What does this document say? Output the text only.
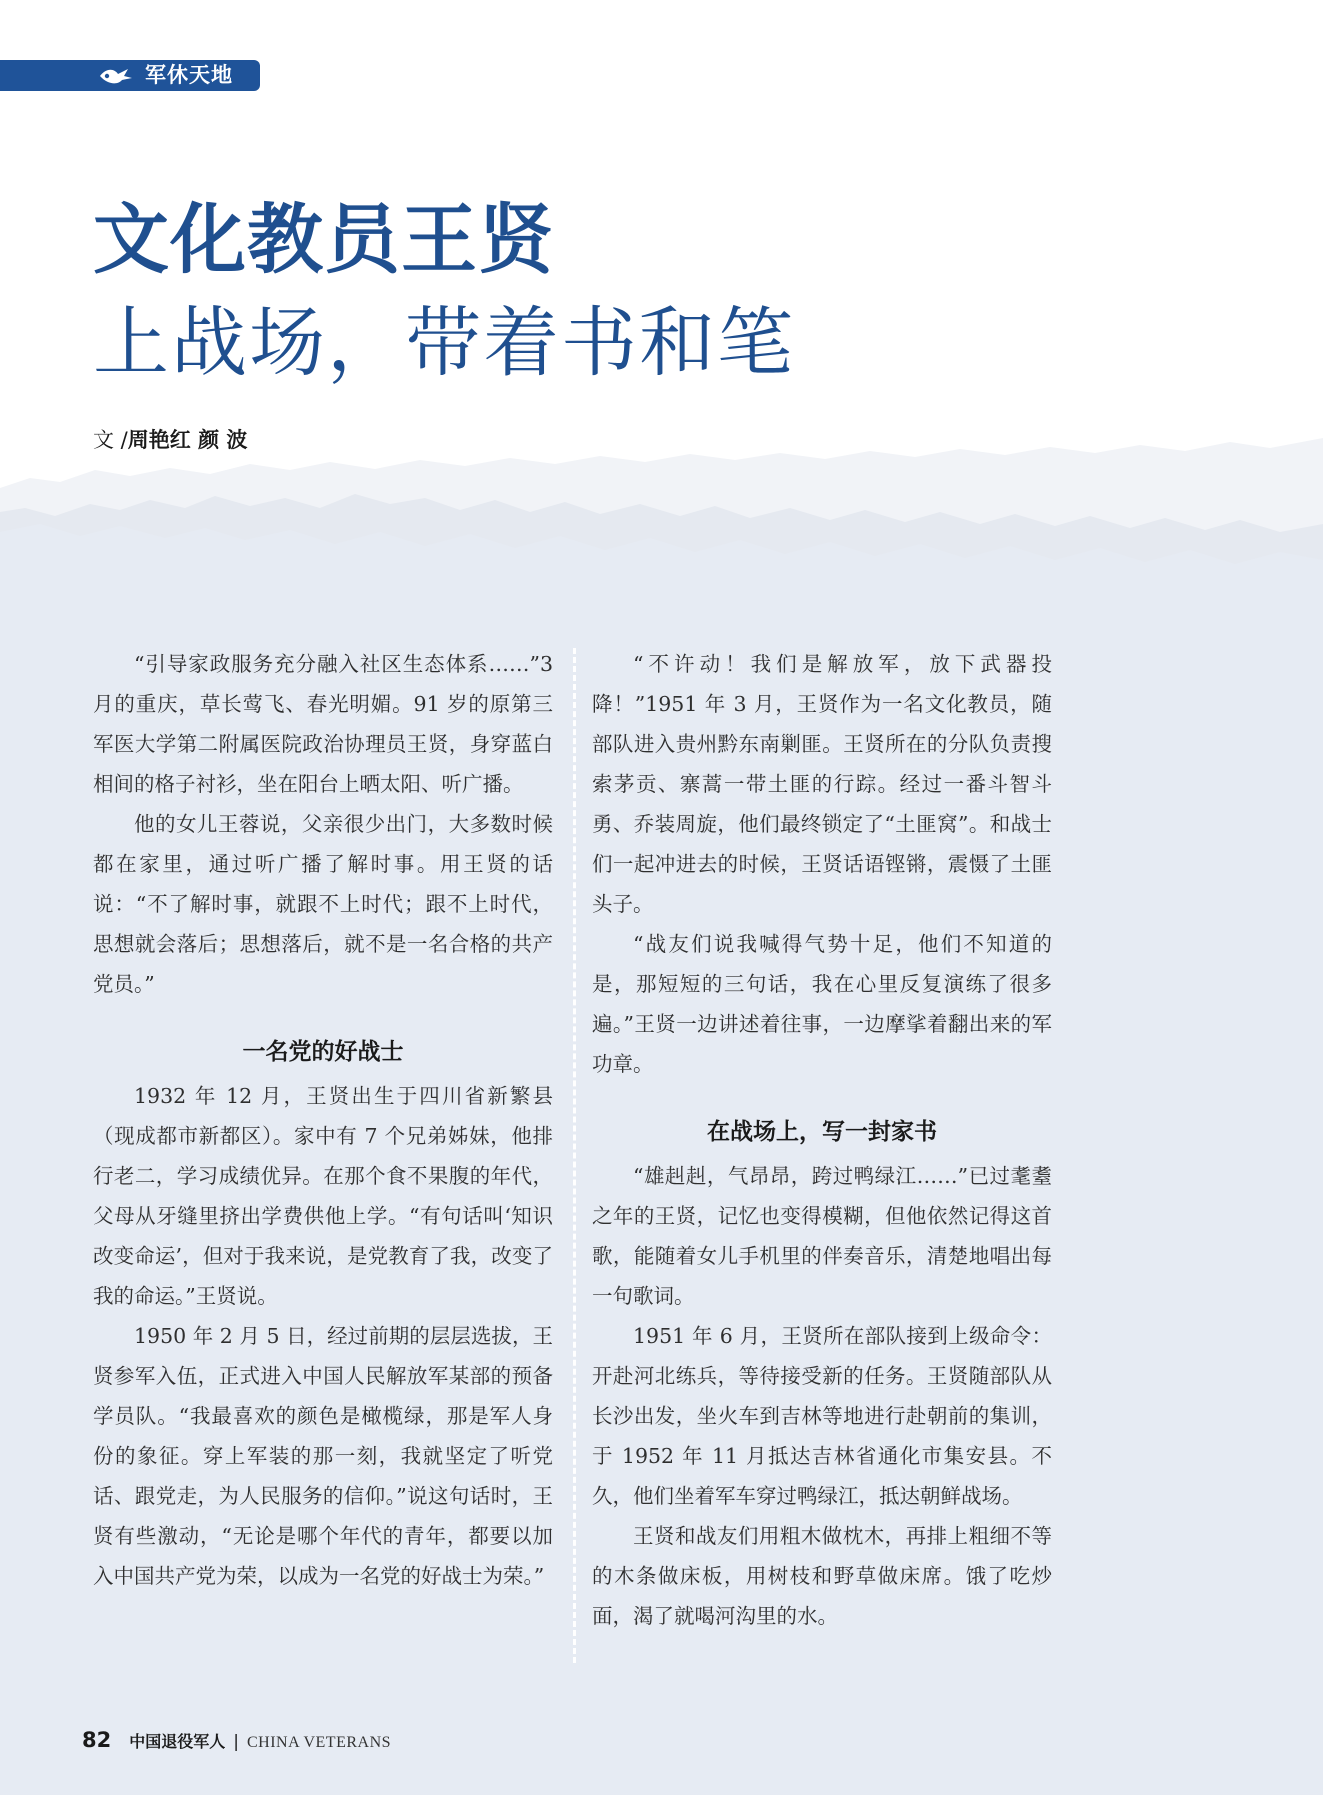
军休天地
文化教员王贤
上战场，带着书和笔
文 /周艳红 颜 波

“引导家政服务充分融入社区生态体系……”3 月的重庆，草长莺飞、春光明媚。91 岁的原第三军医大学第二附属医院政治协理员王贤，身穿蓝白相间的格子衬衫，坐在阳台上晒太阳、听广播。

他的女儿王蓉说，父亲很少出门，大多数时候都在家里，通过听广播了解时事。用王贤的话说：“不了解时事，就跟不上时代；跟不上时代，思想就会落后；思想落后，就不是一名合格的共产党员。”

一名党的好战士

1932 年 12 月，王贤出生于四川省新繁县（现成都市新都区）。家中有 7 个兄弟姊妹，他排行老二，学习成绩优异。在那个食不果腹的年代，父母从牙缝里挤出学费供他上学。“有句话叫‘知识改变命运’，但对于我来说，是党教育了我，改变了我的命运。”王贤说。

1950 年 2 月 5 日，经过前期的层层选拔，王贤参军入伍，正式进入中国人民解放军某部的预备学员队。“我最喜欢的颜色是橄榄绿，那是军人身份的象征。穿上军装的那一刻，我就坚定了听党话、跟党走，为人民服务的信仰。”说这句话时，王贤有些激动，“无论是哪个年代的青年，都要以加入中国共产党为荣，以成为一名党的好战士为荣。”

“不许动！我们是解放军，放下武器投降！”1951 年 3 月，王贤作为一名文化教员，随部队进入贵州黔东南剿匪。王贤所在的分队负责搜索茅贡、寨蒿一带土匪的行踪。经过一番斗智斗勇、乔装周旋，他们最终锁定了“土匪窝”。和战士们一起冲进去的时候，王贤话语铿锵，震慑了土匪头子。

“战友们说我喊得气势十足，他们不知道的是，那短短的三句话，我在心里反复演练了很多遍。”王贤一边讲述着往事，一边摩挲着翻出来的军功章。

在战场上，写一封家书

“雄赳赳，气昂昂，跨过鸭绿江……”已过耄耋之年的王贤，记忆也变得模糊，但他依然记得这首歌，能随着女儿手机里的伴奏音乐，清楚地唱出每一句歌词。

1951 年 6 月，王贤所在部队接到上级命令：开赴河北练兵，等待接受新的任务。王贤随部队从长沙出发，坐火车到吉林等地进行赴朝前的集训，于 1952 年 11 月抵达吉林省通化市集安县。不久，他们坐着军车穿过鸭绿江，抵达朝鲜战场。

王贤和战友们用粗木做枕木，再排上粗细不等的木条做床板，用树枝和野草做床席。饿了吃炒面，渴了就喝河沟里的水。

82 中国退役军人 | CHINA VETERANS
